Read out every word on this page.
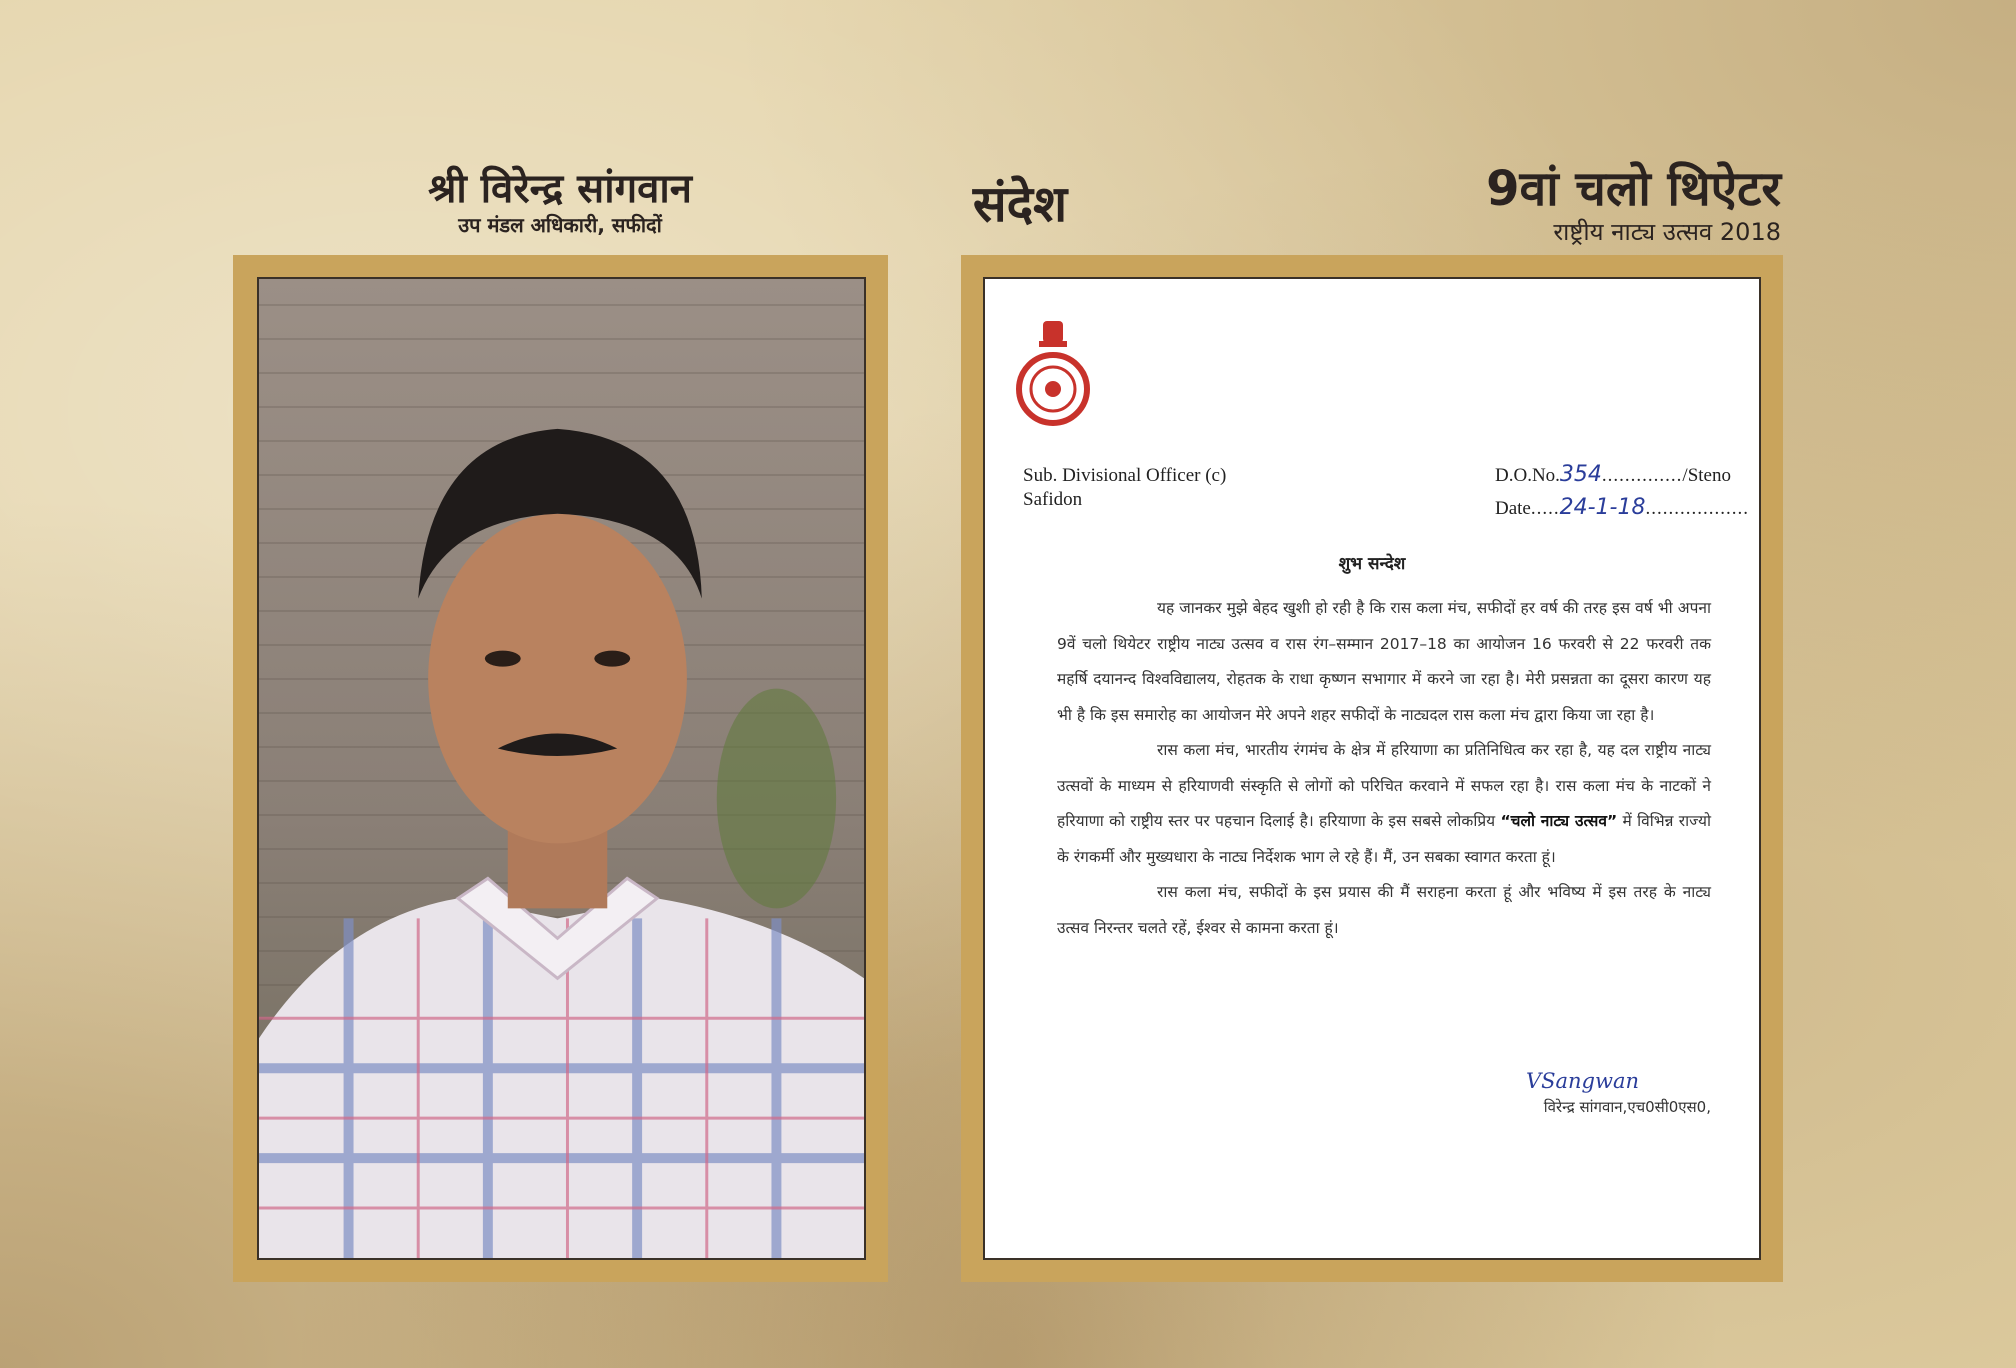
श्री विरेन्द्र सांगवान
उप मंडल अधिकारी, सफीदों	संदेश	9वां चलो थिऐटर
राष्ट्रीय नाट्य उत्सव 2018
Sub. Divisional Officer (c)
Safidon
D.O.No.354............../Steno
Date.....24-1-18..................
शुभ सन्देश

यह जानकर मुझे बेहद खुशी हो रही है कि रास कला मंच, सफीदों हर वर्ष की तरह इस वर्ष भी अपना 9वें चलो थियेटर राष्ट्रीय नाट्य उत्सव व रास रंग–सम्मान 2017–18 का आयोजन 16 फरवरी से 22 फरवरी तक महर्षि दयानन्द विश्वविद्यालय, रोहतक के राधा कृष्णन सभागार में करने जा रहा है। मेरी प्रसन्नता का दूसरा कारण यह भी है कि इस समारोह का आयोजन मेरे अपने शहर सफीदों के नाट्यदल रास कला मंच द्वारा किया जा रहा है।

रास कला मंच, भारतीय रंगमंच के क्षेत्र में हरियाणा का प्रतिनिधित्व कर रहा है, यह दल राष्ट्रीय नाट्य उत्सवों के माध्यम से हरियाणवी संस्कृति से लोगों को परिचित करवाने में सफल रहा है। रास कला मंच के नाटकों ने हरियाणा को राष्ट्रीय स्तर पर पहचान दिलाई है। हरियाणा के इस सबसे लोकप्रिय “चलो नाट्य उत्सव” में विभिन्न राज्यो के रंगकर्मी और मुख्यधारा के नाट्य निर्देशक भाग ले रहे हैं। मैं, उन सबका स्वागत करता हूं।

रास कला मंच, सफीदों के इस प्रयास की मैं सराहना करता हूं और भविष्य में इस तरह के नाट्य उत्सव निरन्तर चलते रहें, ईश्वर से कामना करता हूं।

VSangwan
विरेन्द्र सांगवान,एच0सी0एस0,
